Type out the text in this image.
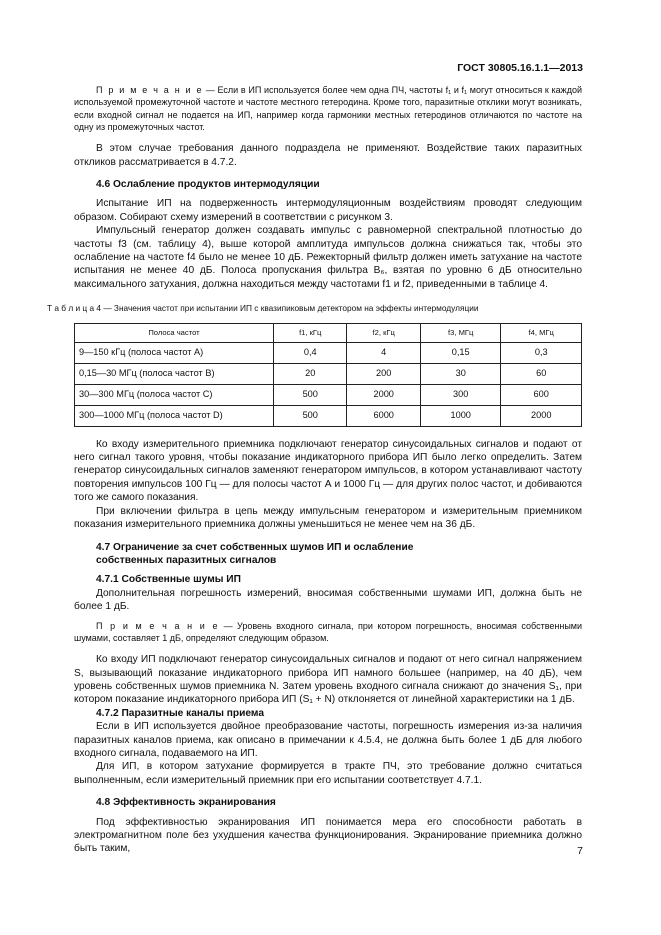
ГОСТ 30805.16.1.1—2013

П р и м е ч а н и е — Если в ИП используется более чем одна ПЧ, частоты f₁ и f₁ могут относиться к каждой используемой промежуточной частоте и частоте местного гетеродина. Кроме того, паразитные отклики могут возникать, если входной сигнал не подается на ИП, например когда гармоники местных гетеродинов отличаются по частоте на одну из промежуточных частот.

В этом случае требования данного подраздела не применяют. Воздействие таких паразитных откликов рассматривается в 4.7.2.

4.6 Ослабление продуктов интермодуляции

Испытание ИП на подверженность интермодуляционным воздействиям проводят следующим образом. Собирают схему измерений в соответствии с рисунком 3.

Импульсный генератор должен создавать импульс с равномерной спектральной плотностью до частоты f3 (см. таблицу 4), выше которой амплитуда импульсов должна снижаться так, чтобы это ослабление на частоте f4 было не менее 10 дБ. Режекторный фильтр должен иметь затухание на частоте испытания не менее 40 дБ. Полоса пропускания фильтра B₆, взятая по уровню 6 дБ относительно максимального затухания, должна находиться между частотами f1 и f2, приведенными в таблице 4.

Т а б л и ц а 4 — Значения частот при испытании ИП с квазипиковым детектором на эффекты интермодуляции
Полоса частот	f1, кГц	f2, кГц	f3, МГц	f4, МГц
9—150 кГц (полоса частот А)	0,4	4	0,15	0,3
0,15—30 МГц (полоса частот В)	20	200	30	60
30—300 МГц (полоса частот С)	500	2000	300	600
300—1000 МГц (полоса частот D)	500	6000	1000	2000

Ко входу измерительного приемника подключают генератор синусоидальных сигналов и подают от него сигнал такого уровня, чтобы показание индикаторного прибора ИП было легко определить. Затем генератор синусоидальных сигналов заменяют генератором импульсов, в котором устанавливают частоту повторения импульсов 100 Гц — для полосы частот А и 1000 Гц — для других полос частот, и добиваются того же самого показания.

При включении фильтра в цепь между импульсным генератором и измерительным приемником показания измерительного приемника должны уменьшиться не менее чем на 36 дБ.

4.7 Ограничение за счет собственных шумов ИП и ослабление
собственных паразитных сигналов
4.7.1 Собственные шумы ИП

Дополнительная погрешность измерений, вносимая собственными шумами ИП, должна быть не более 1 дБ.

П р и м е ч а н и е — Уровень входного сигнала, при котором погрешность, вносимая собственными шумами, составляет 1 дБ, определяют следующим образом.

Ко входу ИП подключают генератор синусоидальных сигналов и подают от него сигнал напряжением S, вызывающий показание индикаторного прибора ИП намного большее (например, на 40 дБ), чем уровень собственных шумов приемника N. Затем уровень входного сигнала снижают до значения S₁, при котором показание индикаторного прибора ИП (S₁ + N) отклоняется от линейной характеристики на 1 дБ.

4.7.2 Паразитные каналы приема

Если в ИП используется двойное преобразование частоты, погрешность измерения из-за наличия паразитных каналов приема, как описано в примечании к 4.5.4, не должна быть более 1 дБ для любого входного сигнала, подаваемого на ИП.

Для ИП, в котором затухание формируется в тракте ПЧ, это требование должно считаться выполненным, если измерительный приемник при его испытании соответствует 4.7.1.

4.8 Эффективность экранирования

Под эффективностью экранирования ИП понимается мера его способности работать в электромагнитном поле без ухудшения качества функционирования. Экранирование приемника должно быть таким,	7
